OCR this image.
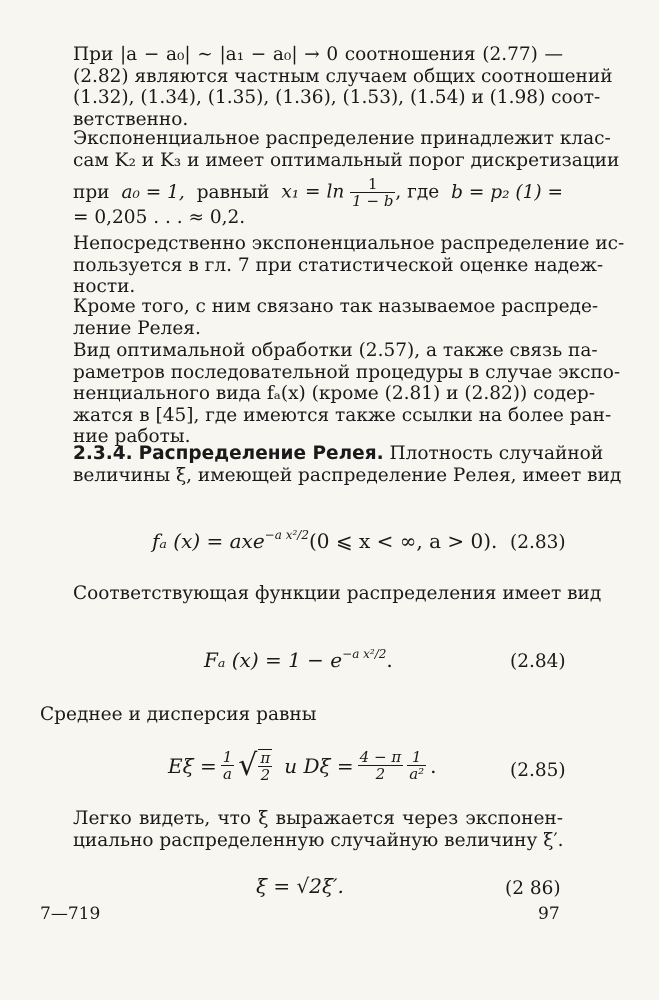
При |a − a₀| ∼ |a₁ − a₀| → 0 соотношения (2.77) —
(2.82) являются частным случаем общих соотношений
(1.32), (1.34), (1.35), (1.36), (1.53), (1.54) и (1.98) соот-
ветственно.
Экспоненциальное распределение принадлежит клас-
сам K₂ и K₃ и имеет оптимальный порог дискретизации
при a₀ = 1, равный $x_1 = \ln \frac{1}{1 - b}$ , где b = p₂ (1) =
= 0,205 . . . ≈ 0,2.
Непосредственно экспоненциальное распределение ис-
пользуется в гл. 7 при статистической оценке надеж-
ности.
Кроме того, с ним связано так называемое распреде-
ление Релея.
Вид оптимальной обработки (2.57), а также связь па-
раметров последовательной процедуры в случае экспо-
ненциального вида fₐ(x) (кроме (2.81) и (2.82)) содер-
жатся в [45], где имеются также ссылки на более ран-
ние работы.
2.3.4. Распределение Релея. Плотность случайной
величины ξ, имеющей распределение Релея, имеет вид
fₐ (x) = axe$^{-a x^2/2}$(0 ⩽ x < ∞, a > 0). (2.83)
Соответствующая функции распределения имеет вид
Fₐ $(x) = 1 - e^{-a x^2/2}$.	(2.84)
Среднее и дисперсия равны
$E\xi = \frac{1}{a}$ √ $\frac{\pi}{2}$ и $D\xi = \frac{4 - \pi}{2} \frac{1}{\text{a²}}$ .	(2.85)
Легко видеть, что ξ выражается через экспонен-
циально распределенную случайную величину ξ′.
ξ = √2ξ′.	(2 86)
7—719	97
